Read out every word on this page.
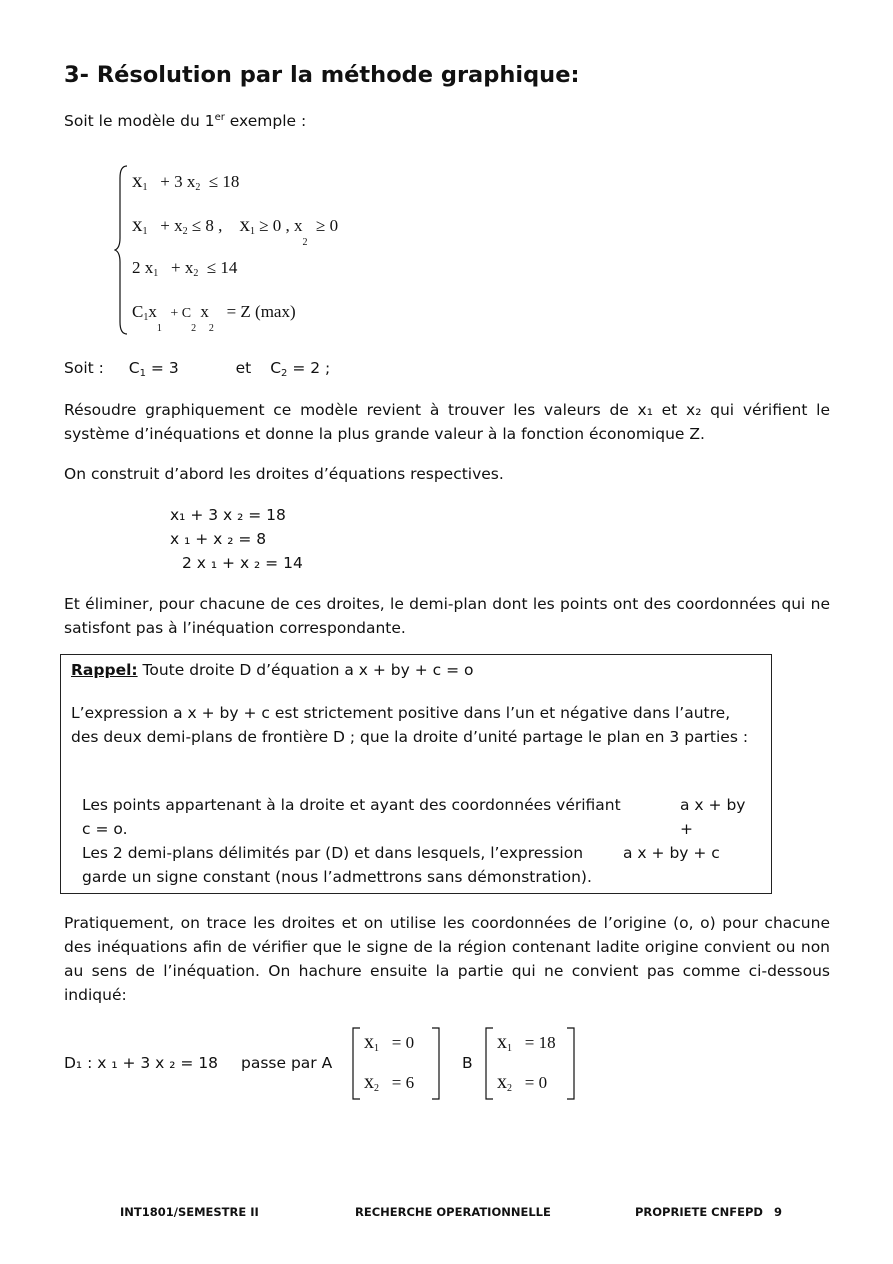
3- Résolution par la méthode graphique:
Soit le modèle du 1er exemple :
$x_1 + 3$ $x_2 \le 18$
$x_1 + x_2 \le 8$ , $x_1 \ge 0$ , $x_2 \ge 0$
2 $x_1 + x_2 \le 14$
$C_1x_1 + C_2$ $x_2 = Z$ (max)
Soit : $C_1 = 3$	et $C_2 = 2$ ;
Résoudre graphiquement ce modèle revient à trouver les valeurs de x₁ et x₂ qui vérifient le système d’inéquations et donne la plus grande valeur à la fonction économique Z.
On construit d’abord les droites d’équations respectives.
x₁ + 3 x ₂ = 18
x ₁ + x ₂ = 8
2 x ₁ + x ₂ = 14
Et éliminer, pour chacune de ces droites, le demi-plan dont les points ont des coordonnées qui ne satisfont pas à l’inéquation correspondante.
Rappel: Toute droite D d’équation a x + by + c = o
L’expression a x + by + c est strictement positive dans l’un et négative dans l’autre, des deux demi-plans de frontière D ; que la droite d’unité partage le plan en 3 parties :
Les points appartenant à la droite et ayant des coordonnées vérifiant	a x + by +

c = o.
Les 2 demi-plans délimités par (D) et dans lesquels, l’expression	a x + by + c

garde un signe constant (nous l’admettrons sans démonstration).
Pratiquement, on trace les droites et on utilise les coordonnées de l’origine (o, o) pour chacune des inéquations afin de vérifier que le signe de la région contenant ladite origine convient ou non au sens de l’inéquation. On hachure ensuite la partie qui ne convient pas comme ci-dessous indiqué:
D₁ : x ₁ + 3 x ₂ = 18 passe par A
$x_1 = 0$
$x_2 = 6$
B
$x_1 = 18$
$x_2 = 0$
INT1801/SEMESTRE II	RECHERCHE OPERATIONNELLE	PROPRIETE CNFEPD 9
